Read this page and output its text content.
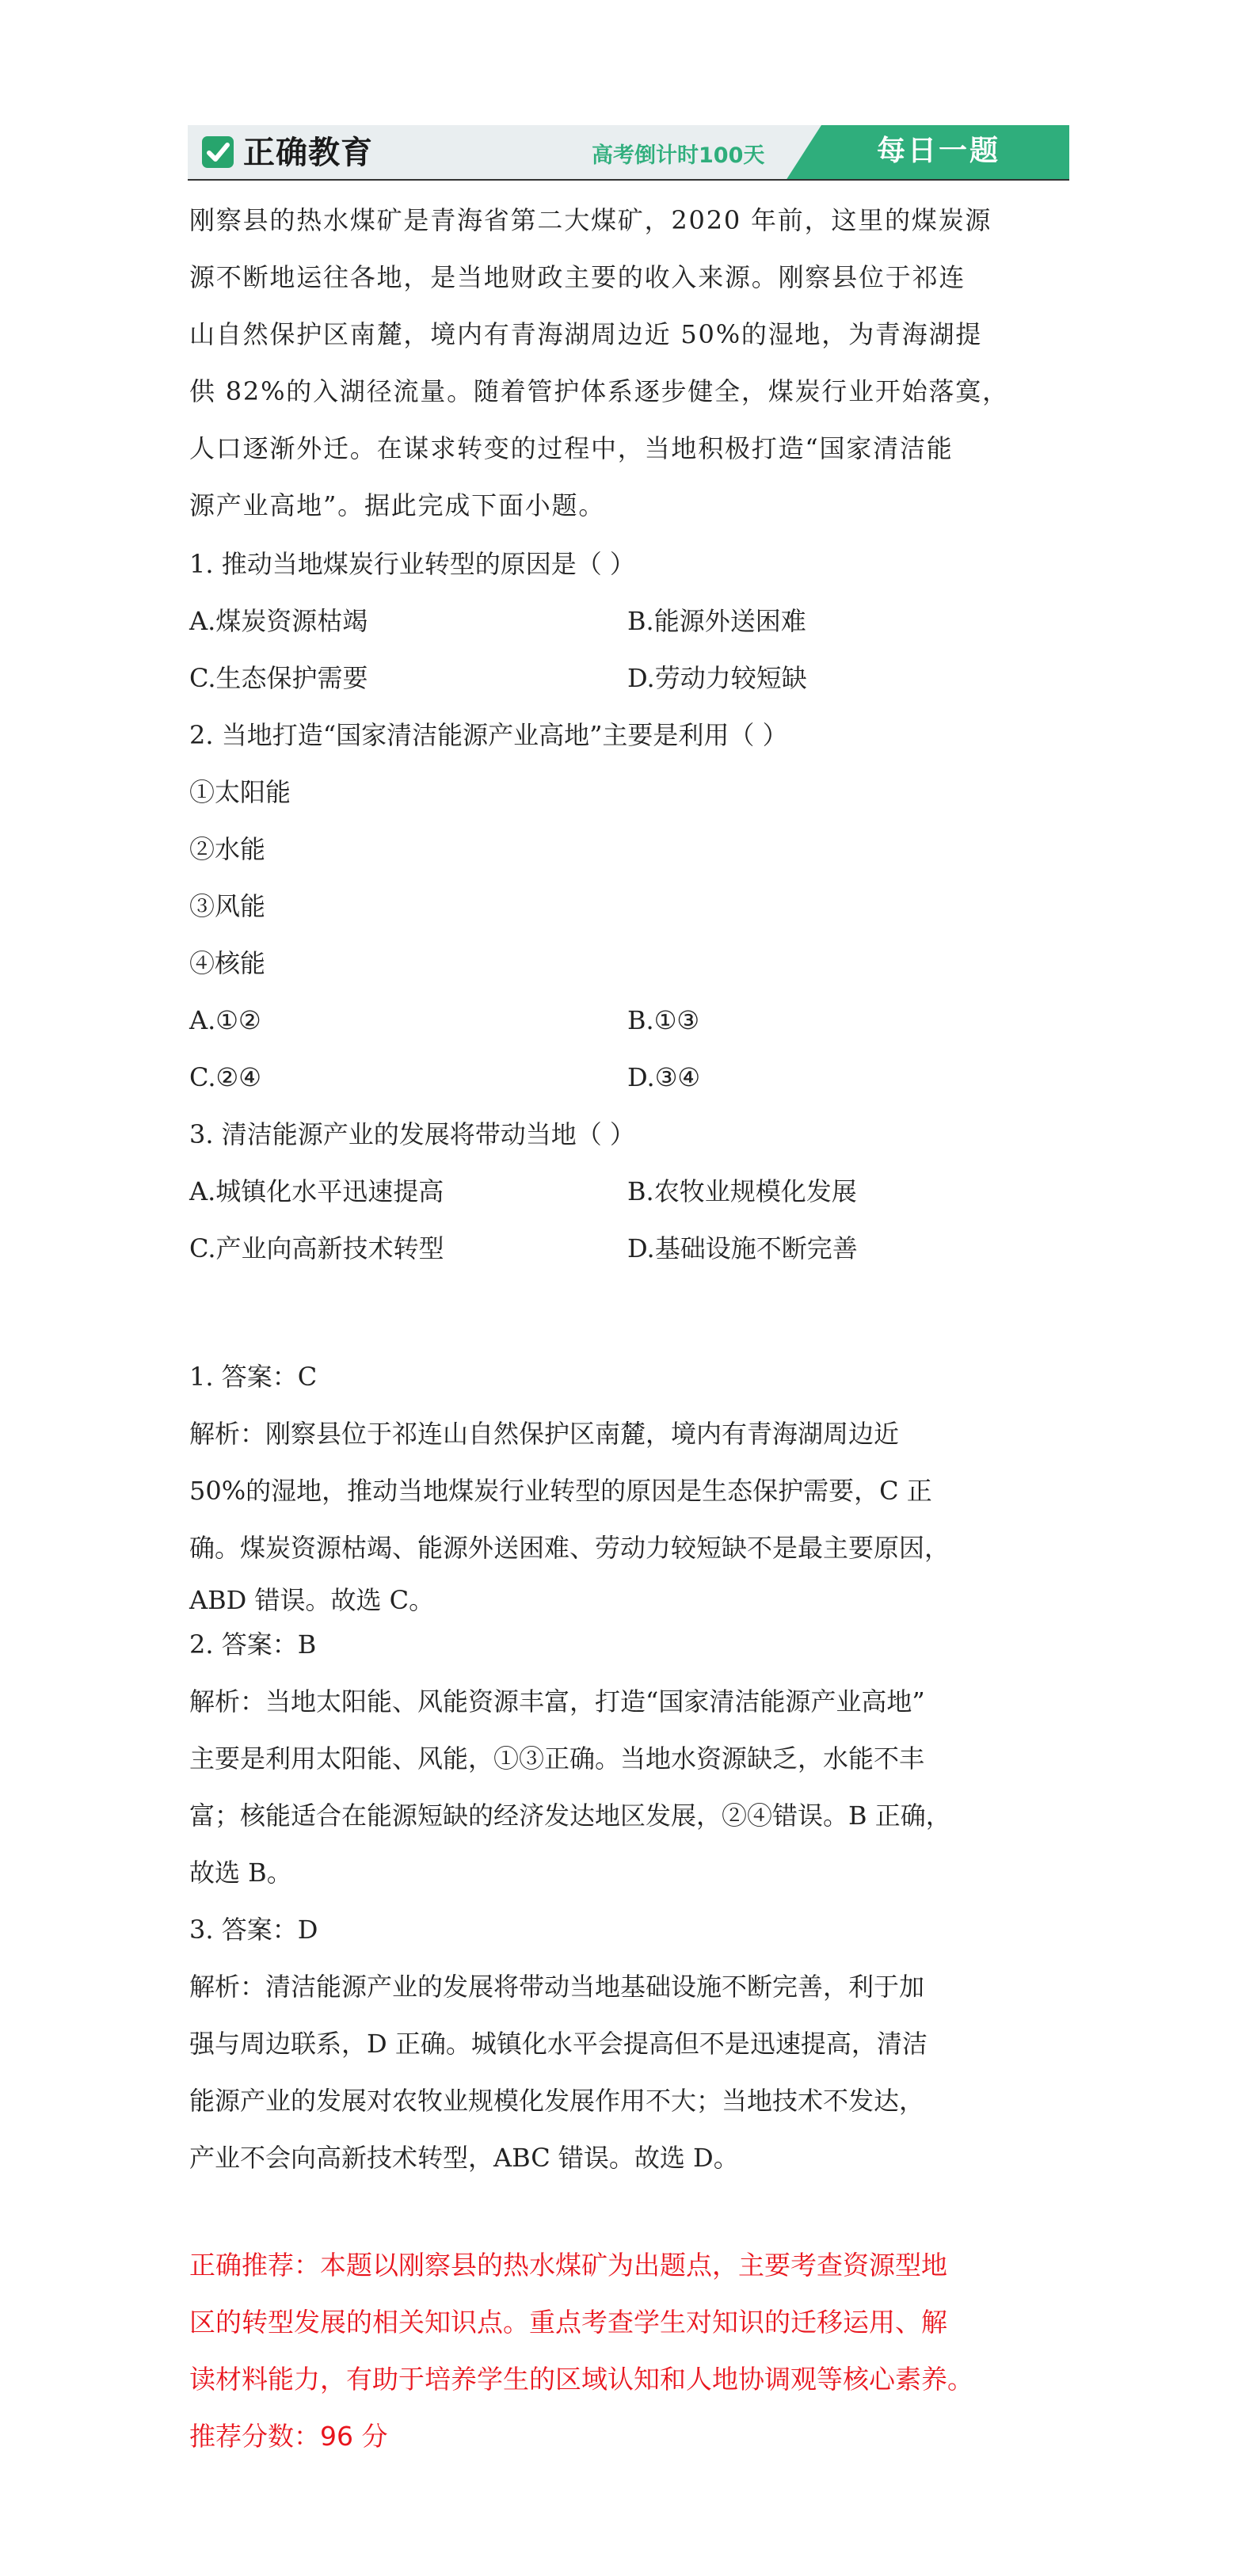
正确教育	高考倒计时100天	每日一题
刚察县的热水煤矿是青海省第二大煤矿，2020 年前，这里的煤炭源
源不断地运往各地，是当地财政主要的收入来源。刚察县位于祁连
山自然保护区南麓，境内有青海湖周边近 50%的湿地，为青海湖提
供 82%的入湖径流量。随着管护体系逐步健全，煤炭行业开始落寞，
人口逐渐外迁。在谋求转变的过程中，当地积极打造“国家清洁能
源产业高地”。据此完成下面小题。
1. 推动当地煤炭行业转型的原因是（ ）
A.煤炭资源枯竭	B.能源外送困难
C.生态保护需要	D.劳动力较短缺
2. 当地打造“国家清洁能源产业高地”主要是利用（ ）
①太阳能
②水能
③风能
④核能
A.①②	B.①③
C.②④	D.③④
3. 清洁能源产业的发展将带动当地（ ）
A.城镇化水平迅速提高	B.农牧业规模化发展
C.产业向高新技术转型	D.基础设施不断完善
1. 答案：C
解析：刚察县位于祁连山自然保护区南麓，境内有青海湖周边近
50%的湿地，推动当地煤炭行业转型的原因是生态保护需要，C 正
确。煤炭资源枯竭、能源外送困难、劳动力较短缺不是最主要原因，
ABD 错误。故选 C。
2. 答案：B
解析：当地太阳能、风能资源丰富，打造“国家清洁能源产业高地”
主要是利用太阳能、风能，①③正确。当地水资源缺乏，水能不丰
富；核能适合在能源短缺的经济发达地区发展，②④错误。B 正确，
故选 B。
3. 答案：D
解析：清洁能源产业的发展将带动当地基础设施不断完善，利于加
强与周边联系，D 正确。城镇化水平会提高但不是迅速提高，清洁
能源产业的发展对农牧业规模化发展作用不大；当地技术不发达，
产业不会向高新技术转型，ABC 错误。故选 D。
正确推荐：本题以刚察县的热水煤矿为出题点，主要考查资源型地
区的转型发展的相关知识点。重点考查学生对知识的迁移运用、解
读材料能力，有助于培养学生的区域认知和人地协调观等核心素养。
推荐分数：96 分
